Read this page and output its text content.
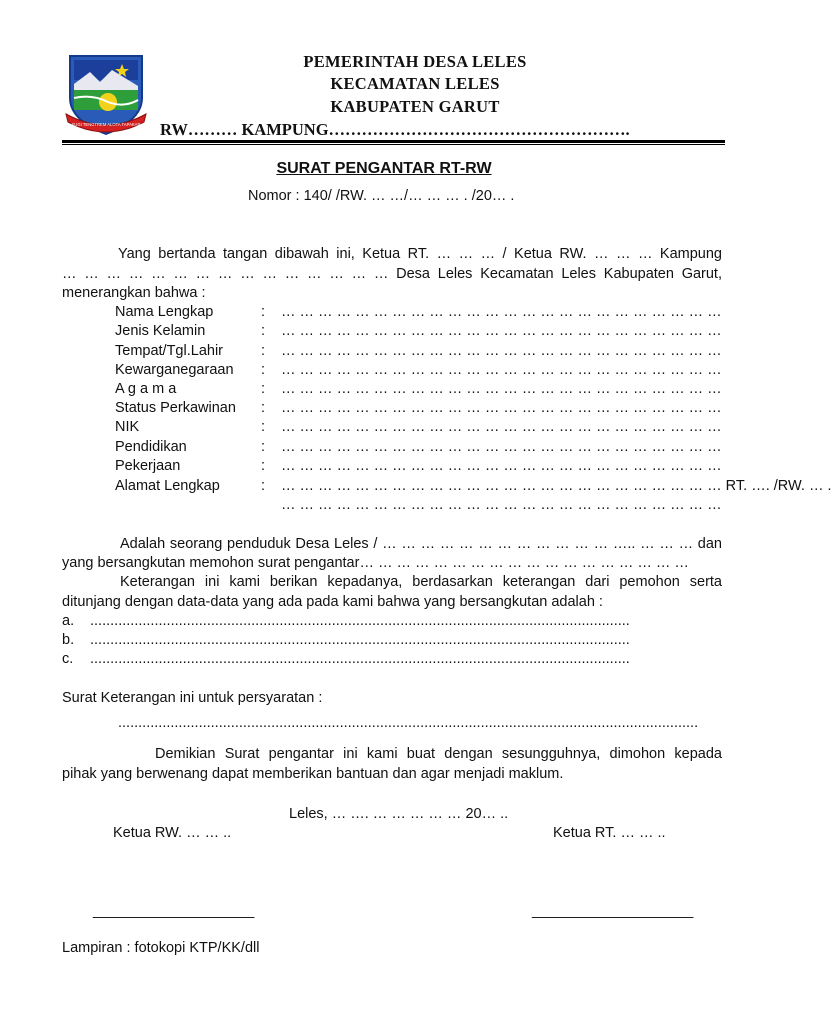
SUGI TENGTREM ALOTA TAPAKAR
PEMERINTAH DESA LELES
KECAMATAN LELES
KABUPATEN GARUT
RW……… KAMPUNG……………………………………………….
SURAT PENGANTAR RT-RW
Nomor : 140/ /RW. … …/… … … . /20… .
Yang bertanda tangan dibawah ini, Ketua RT. … … … / Ketua RW. … … … Kampung
… … … … … … … … … … … … … … … Desa Leles Kecamatan Leles Kabupaten Garut,
menerangkan bahwa :
Nama Lengkap	: … … … … … … … … … … … … … … … … … … … … … … … …
Jenis Kelamin	: … … … … … … … … … … … … … … … … … … … … … … … …
Tempat/Tgl.Lahir	: … … … … … … … … … … … … … … … … … … … … … … … …
Kewarganegaraan : … … … … … … … … … … … … … … … … … … … … … … … …
A g a m a	: … … … … … … … … … … … … … … … … … … … … … … … …
Status Perkawinan : … … … … … … … … … … … … … … … … … … … … … … … …
NIK	: … … … … … … … … … … … … … … … … … … … … … … … …
Pendidikan	: … … … … … … … … … … … … … … … … … … … … … … … …
Pekerjaan	: … … … … … … … … … … … … … … … … … … … … … … … …
Alamat Lengkap	: … … … … … … … … … … … … … … … … … … … … … … … … RT. …. /RW. … .
… … … … … … … … … … … … … … … … … … … … … … … …
Adalah seorang penduduk Desa Leles / … … … … … … … … … … … … ….. … … … dan
yang bersangkutan memohon surat pengantar… … … … … … … … … … … … … … … … … …
Keterangan ini kami berikan kepadanya, berdasarkan keterangan dari pemohon serta
ditunjang dengan data-data yang ada pada kami bahwa yang bersangkutan adalah :
a. ......................................................................................................................................
b. ......................................................................................................................................
c. ......................................................................................................................................
Surat Keterangan ini untuk persyaratan :
................................................................................................................................................
Demikian Surat pengantar ini kami buat dengan sesungguhnya, dimohon kepada
pihak yang berwenang dapat memberikan bantuan dan agar menjadi maklum.
Leles, … …. … … … … … 20… ..
Ketua RW. … … ..	Ketua RT. … … ..
____________________	____________________
Lampiran : fotokopi KTP/KK/dll
